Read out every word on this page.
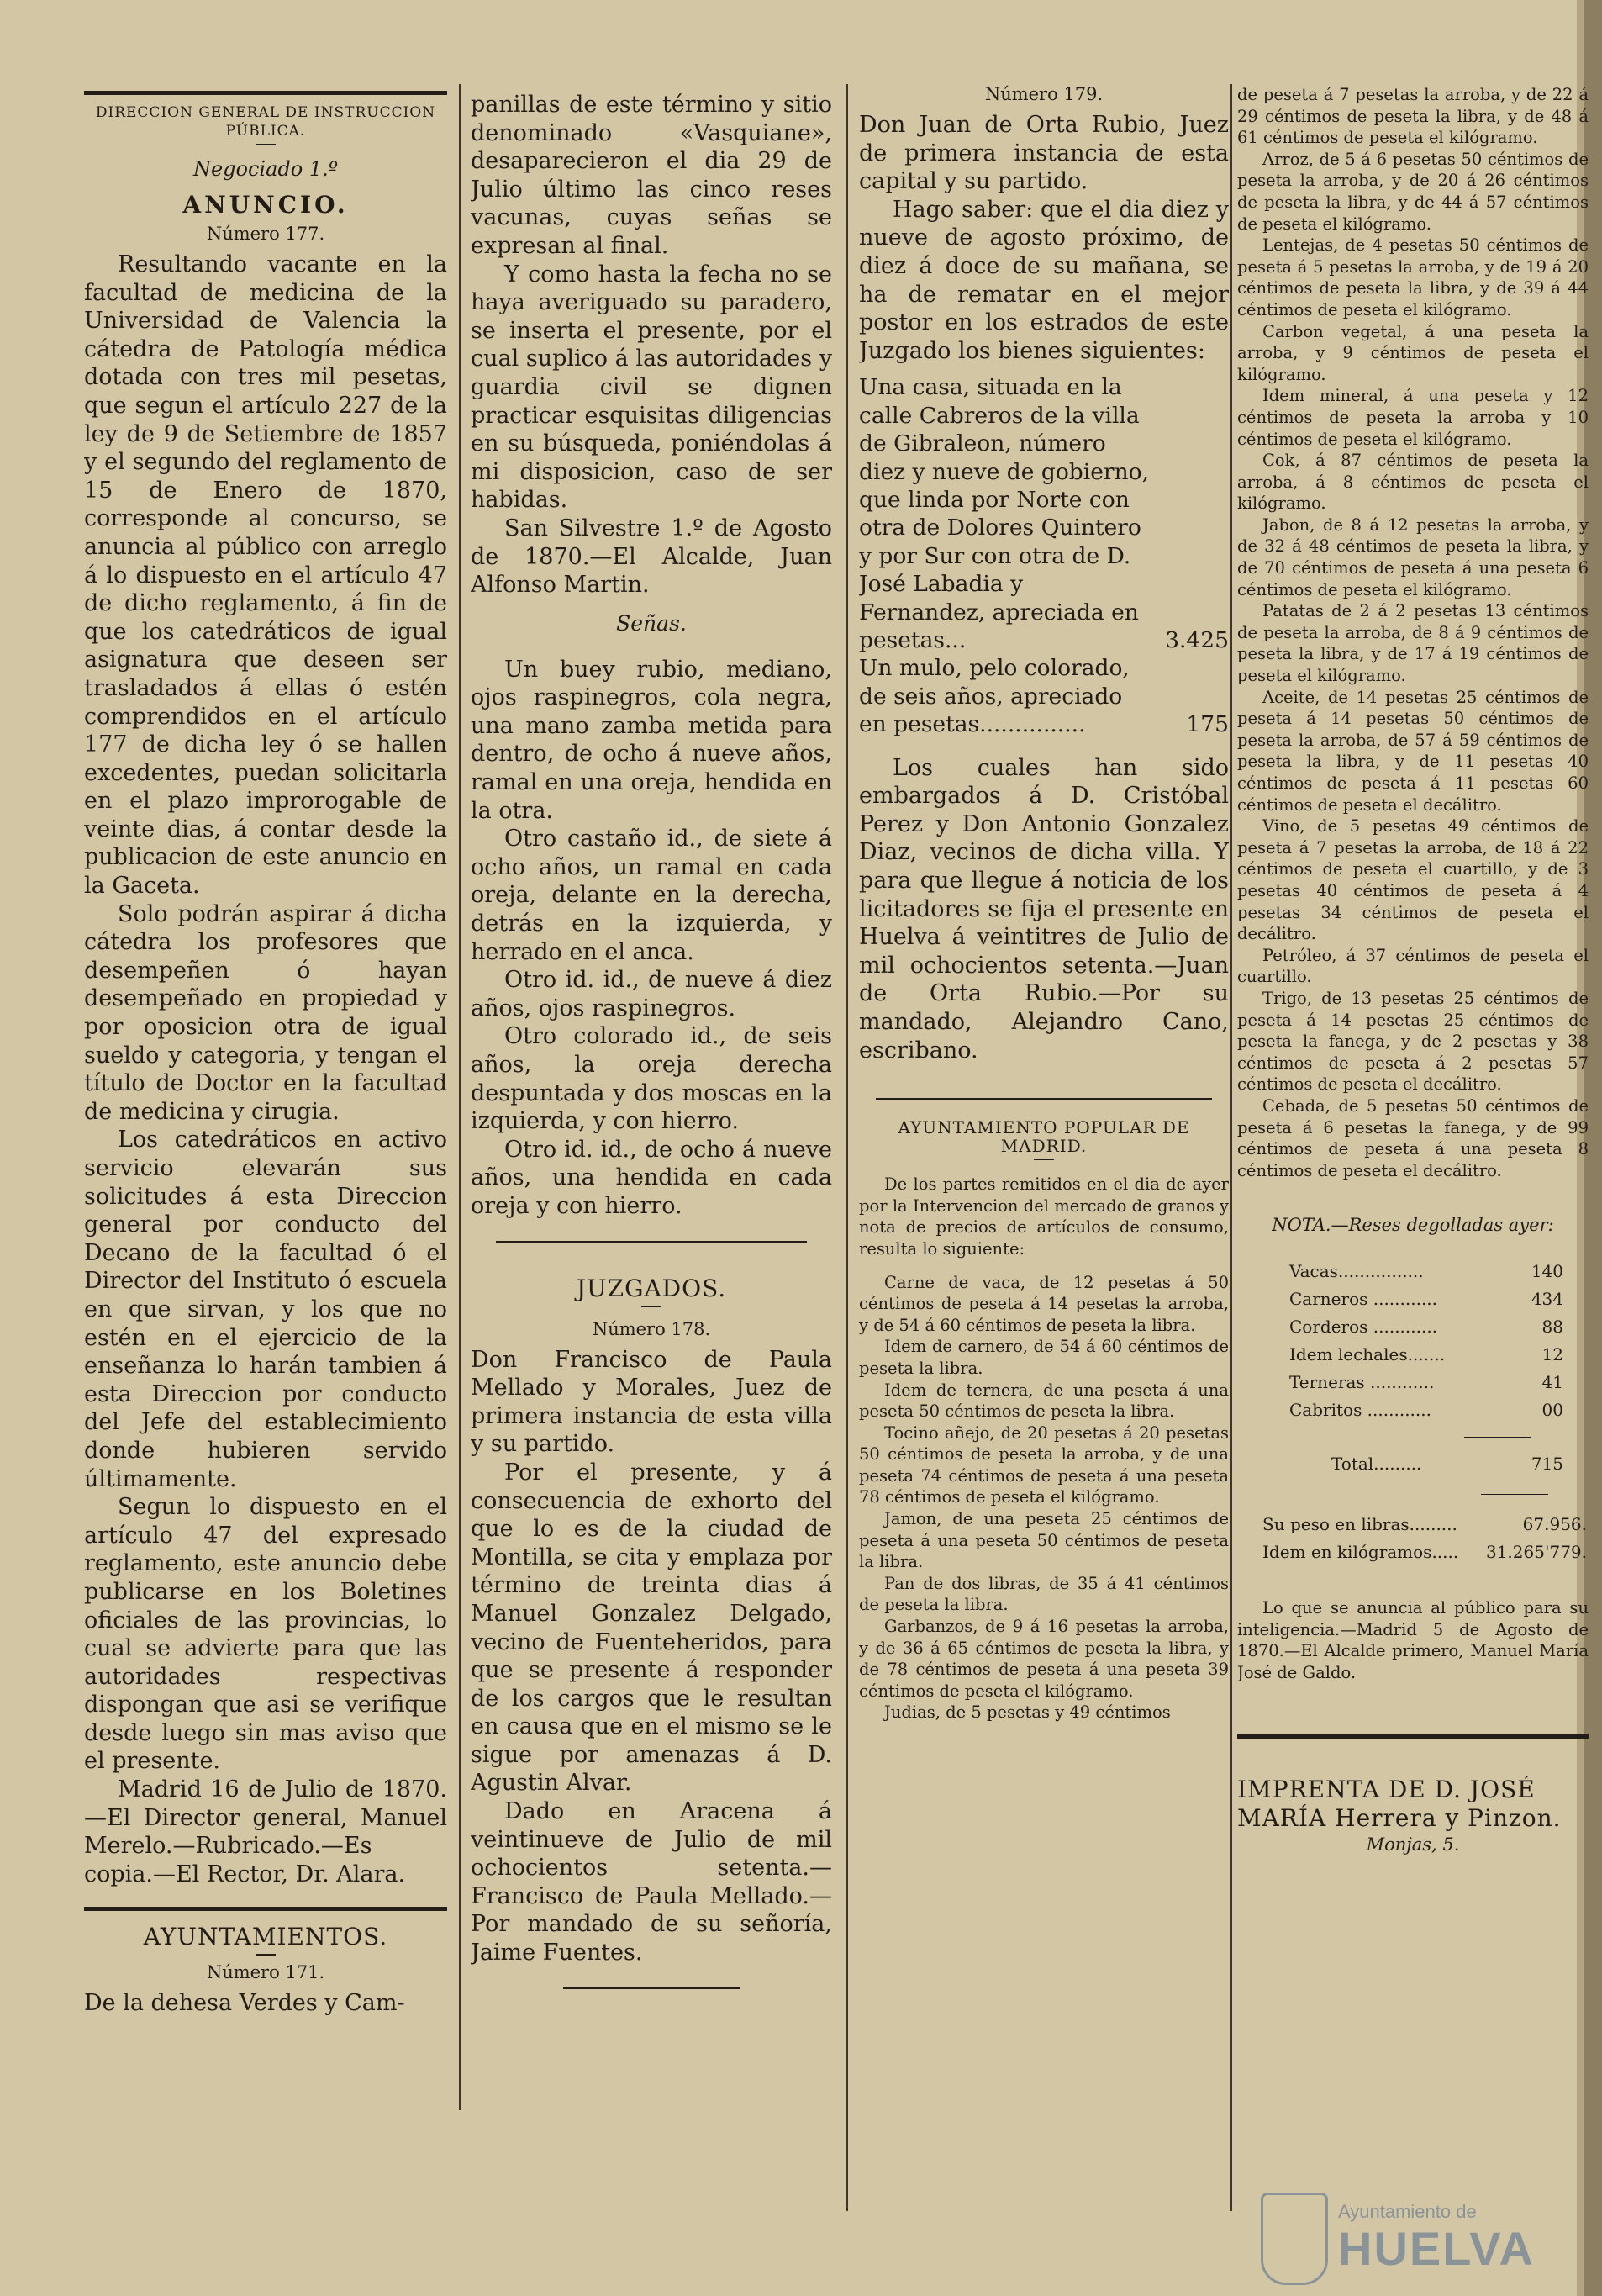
DIRECCION GENERAL DE INSTRUCCION PÚBLICA.
Negociado 1.º
ANUNCIO.
Número 177.

Resultando vacante en la facultad de medicina de la Universidad de Valencia la cátedra de Patología médica dotada con tres mil pesetas, que segun el artículo 227 de la ley de 9 de Setiembre de 1857 y el segundo del reglamento de 15 de Enero de 1870, corresponde al concurso, se anuncia al público con arreglo á lo dispuesto en el artículo 47 de dicho reglamento, á fin de que los catedráticos de igual asignatura que deseen ser trasladados á ellas ó estén comprendidos en el artículo 177 de dicha ley ó se hallen excedentes, puedan solicitarla en el plazo improrogable de veinte dias, á contar desde la publicacion de este anuncio en la Gaceta.

Solo podrán aspirar á dicha cátedra los profesores que desempeñen ó hayan desempeñado en propiedad y por oposicion otra de igual sueldo y categoria, y tengan el título de Doctor en la facultad de medicina y cirugia.

Los catedráticos en activo servicio elevarán sus solicitudes á esta Direccion general por conducto del Decano de la facultad ó el Director del Instituto ó escuela en que sirvan, y los que no estén en el ejercicio de la enseñanza lo harán tambien á esta Direccion por conducto del Jefe del establecimiento donde hubieren servido últimamente.

Segun lo dispuesto en el artículo 47 del expresado reglamento, este anuncio debe publicarse en los Boletines oficiales de las provincias, lo cual se advierte para que las autoridades respectivas dispongan que asi se verifique desde luego sin mas aviso que el presente.

Madrid 16 de Julio de 1870.—El Director general, Manuel Merelo.—Rubricado.—Es copia.—El Rector, Dr. Alara.

AYUNTAMIENTOS.
Número 171.

De la dehesa Verdes y Cam-

panillas de este término y sitio denominado «Vasquiane», desaparecieron el dia 29 de Julio último las cinco reses vacunas, cuyas señas se expresan al final.

Y como hasta la fecha no se haya averiguado su paradero, se inserta el presente, por el cual suplico á las autoridades y guardia civil se dignen practicar esquisitas diligencias en su búsqueda, poniéndolas á mi disposicion, caso de ser habidas.

San Silvestre 1.º de Agosto de 1870.—El Alcalde, Juan Alfonso Martin.

Señas.

Un buey rubio, mediano, ojos raspinegros, cola negra, una mano zamba metida para dentro, de ocho á nueve años, ramal en una oreja, hendida en la otra.

Otro castaño id., de siete á ocho años, un ramal en cada oreja, delante en la derecha, detrás en la izquierda, y herrado en el anca.

Otro id. id., de nueve á diez años, ojos raspinegros.

Otro colorado id., de seis años, la oreja derecha despuntada y dos moscas en la izquierda, y con hierro.

Otro id. id., de ocho á nueve años, una hendida en cada oreja y con hierro.

JUZGADOS.
Número 178.

Don Francisco de Paula Mellado y Morales, Juez de primera instancia de esta villa y su partido.

Por el presente, y á consecuencia de exhorto del que lo es de la ciudad de Montilla, se cita y emplaza por término de treinta dias á Manuel Gonzalez Delgado, vecino de Fuenteheridos, para que se presente á responder de los cargos que le resultan en causa que en el mismo se le sigue por amenazas á D. Agustin Alvar.

Dado en Aracena á veintinueve de Julio de mil ochocientos setenta.—Francisco de Paula Mellado.—Por mandado de su señoría, Jaime Fuentes.

Número 179.

Don Juan de Orta Rubio, Juez de primera instancia de esta capital y su partido.

Hago saber: que el dia diez y nueve de agosto próximo, de diez á doce de su mañana, se ha de rematar en el mejor postor en los estrados de este Juzgado los bienes siguientes:

Una casa, situada en la calle Cabreros de la villa de Gibraleon, número diez y nueve de gobierno, que linda por Norte con otra de Dolores Quintero y por Sur con otra de D. José Labadia y Fernandez, apreciada en pesetas...	3.425
Un mulo, pelo colorado, de seis años, apreciado en pesetas...............	175

Los cuales han sido embargados á D. Cristóbal Perez y Don Antonio Gonzalez Diaz, vecinos de dicha villa. Y para que llegue á noticia de los licitadores se fija el presente en Huelva á veintitres de Julio de mil ochocientos setenta.—Juan de Orta Rubio.—Por su mandado, Alejandro Cano, escribano.

AYUNTAMIENTO POPULAR DE MADRID.

De los partes remitidos en el dia de ayer por la Intervencion del mercado de granos y nota de precios de artículos de consumo, resulta lo siguiente:

Carne de vaca, de 12 pesetas á 50 céntimos de peseta á 14 pesetas la arroba, y de 54 á 60 céntimos de peseta la libra.

Idem de carnero, de 54 á 60 céntimos de peseta la libra.

Idem de ternera, de una peseta á una peseta 50 céntimos de peseta la libra.

Tocino añejo, de 20 pesetas á 20 pesetas 50 céntimos de peseta la arroba, y de una peseta 74 céntimos de peseta á una peseta 78 céntimos de peseta el kilógramo.

Jamon, de una peseta 25 céntimos de peseta á una peseta 50 céntimos de peseta la libra.

Pan de dos libras, de 35 á 41 céntimos de peseta la libra.

Garbanzos, de 9 á 16 pesetas la arroba, y de 36 á 65 céntimos de peseta la libra, y de 78 céntimos de peseta á una peseta 39 céntimos de peseta el kilógramo.

Judias, de 5 pesetas y 49 céntimos

de peseta á 7 pesetas la arroba, y de 22 á 29 céntimos de peseta la libra, y de 48 á 61 céntimos de peseta el kilógramo.

Arroz, de 5 á 6 pesetas 50 céntimos de peseta la arroba, y de 20 á 26 céntimos de peseta la libra, y de 44 á 57 céntimos de peseta el kilógramo.

Lentejas, de 4 pesetas 50 céntimos de peseta á 5 pesetas la arroba, y de 19 á 20 céntimos de peseta la libra, y de 39 á 44 céntimos de peseta el kilógramo.

Carbon vegetal, á una peseta la arroba, y 9 céntimos de peseta el kilógramo.

Idem mineral, á una peseta y 12 céntimos de peseta la arroba y 10 céntimos de peseta el kilógramo.

Cok, á 87 céntimos de peseta la arroba, á 8 céntimos de peseta el kilógramo.

Jabon, de 8 á 12 pesetas la arroba, y de 32 á 48 céntimos de peseta la libra, y de 70 céntimos de peseta á una peseta 6 céntimos de peseta el kilógramo.

Patatas de 2 á 2 pesetas 13 céntimos de peseta la arroba, de 8 á 9 céntimos de peseta la libra, y de 17 á 19 céntimos de peseta el kilógramo.

Aceite, de 14 pesetas 25 céntimos de peseta á 14 pesetas 50 céntimos de peseta la arroba, de 57 á 59 céntimos de peseta la libra, y de 11 pesetas 40 céntimos de peseta á 11 pesetas 60 céntimos de peseta el decálitro.

Vino, de 5 pesetas 49 céntimos de peseta á 7 pesetas la arroba, de 18 á 22 céntimos de peseta el cuartillo, y de 3 pesetas 40 céntimos de peseta á 4 pesetas 34 céntimos de peseta el decálitro.

Petróleo, á 37 céntimos de peseta el cuartillo.

Trigo, de 13 pesetas 25 céntimos de peseta á 14 pesetas 25 céntimos de peseta la fanega, y de 2 pesetas y 38 céntimos de peseta á 2 pesetas 57 céntimos de peseta el decálitro.

Cebada, de 5 pesetas 50 céntimos de peseta á 6 pesetas la fanega, y de 99 céntimos de peseta á una peseta 8 céntimos de peseta el decálitro.

NOTA.—Reses degolladas ayer:
Vacas................	140
Carneros ............	434
Corderos ............	88
Idem lechales.......	12
Terneras ............	41
Cabritos ............	00
Total.........	715
Su peso en libras.........	67.956.
Idem en kilógramos.....	31.265'779.

Lo que se anuncia al público para su inteligencia.—Madrid 5 de Agosto de 1870.—El Alcalde primero, Manuel María José de Galdo.

IMPRENTA DE D. JOSÉ MARÍA Herrera y Pinzon.

Monjas, 5.

Ayuntamiento de
HUELVA
